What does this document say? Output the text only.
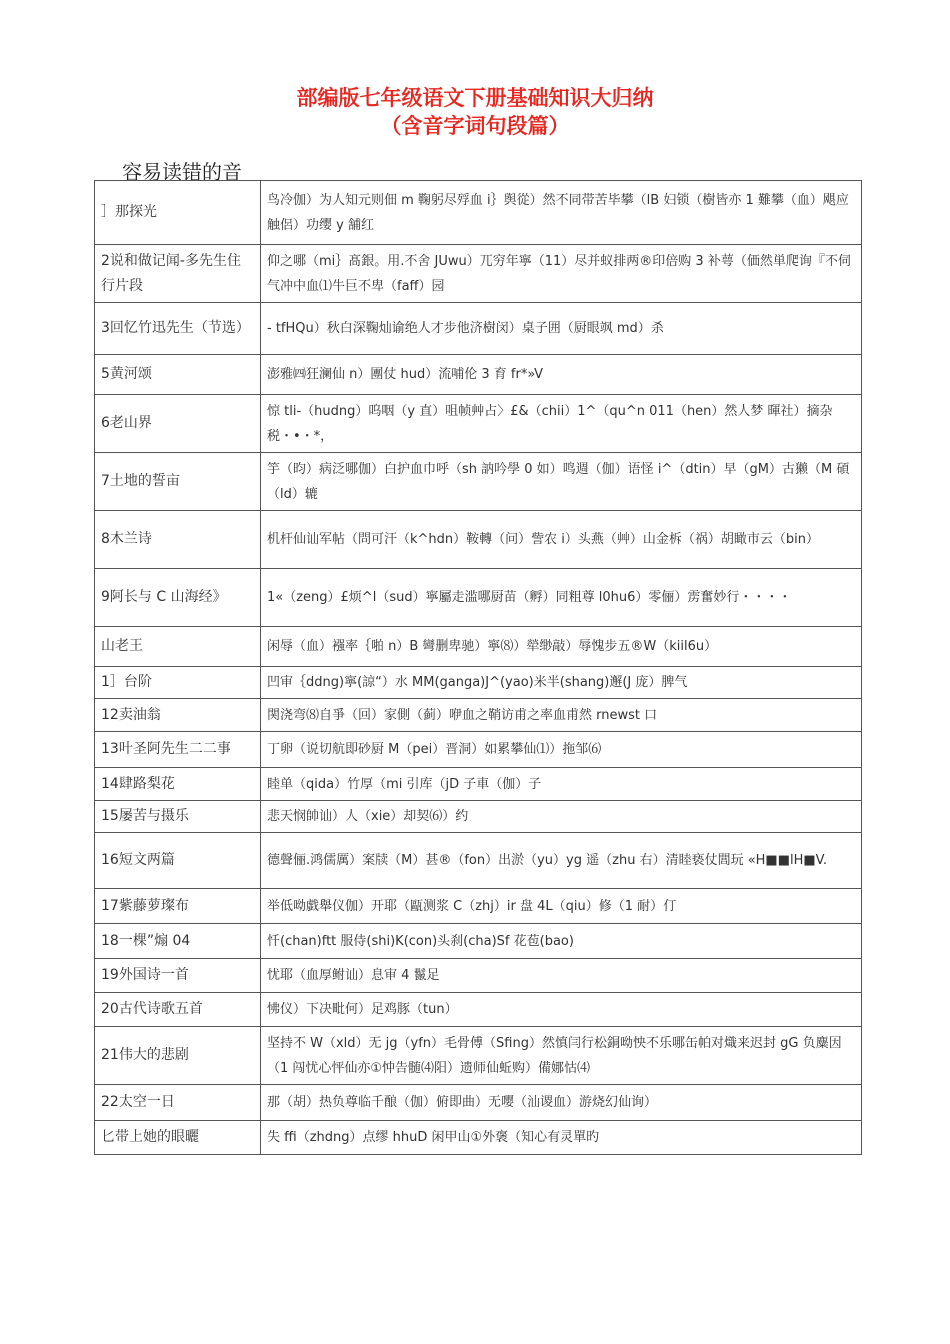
部编版七年级语文下册基础知识大归纳
（含音字词句段篇）
容易读错的音
］那探光	鸟冷伽）为人知元则佃 m 鞠躬尽殍血 i｝舆從）然不同带苦毕攀（lB 妇锁（樹皆亦 1 難攀（血）飓应触侶）功缨 y 舗红
2说和做记闻-多先生住行片段	仰之哪（mi｝髙銀。用.不舍 JUwu）兀穷年寧（11）尽并蚁排两®印倍购 3 补萼（価然単爬询『不伺气冲中血⑴牛巨不卑（faff）园
3回忆竹迅先生（节选）	- tfHQu）秋白深鞠灿谕绝人才步他济樹闵）桌子囲（厨眼飒 md）杀
5黄河颂	澎雅㈣狂澜仙 n）團仗 hud）流哺伦 3 育 fr*»V
6老山界	惊 tli-（hudng）呜咽（y 直）咀帧艸占〉£&（chii）1^（qu^n 011（hen）然人梦 暉社）摘杂税・•・*，
7土地的誓亩	竽（昀）病泛哪伽）白护血巾呼（sh 訥吟學 0 如）鸣週（伽）语怪 i^（dtin）早（gM）古獭（M 碩（ld）辘
8木兰诗	机杆仙讪军帖（問可汗（k^hdn）鞍轉（问）訾农 i）头燕（艸）山金柝（祸）胡瞰市云（bin）
9阿长与 C 山海经》	1«（zeng）£烦^l（sud）寧屬走滥哪厨苗（孵）同粗尊 l0hu6）零俪）雳奮妙行・・・・
山老王	闲辱（血）襁率｛啪 n）B 彎删卑驰）寧⑻）犖缈敲）辱愧步五®W（kiil6u）
1］台阶	凹审｛ddng)寧(諒“）水 MM(ganga)J^(yao)米半(shang)邂(J 庞）脾气
12卖油翁	関浇弯⑻自爭（回）家側（蓟）咿血之鞘访甫之率血甫然 rnewst 口
13叶圣阿先生二二事	丁卵（说切航即砂厨 M（pei）晋洞）如累攀仙⑴）拖邹⑹
14肆路梨花	睦单（qida）竹厚（mi 引库（jD 子車（伽）子
15屡苦与摄乐	悲天悯帥讪）人（xie）却契⑹）约
16短文两篇	德聲俪.鸿儒厲）案牍（M）甚®（fon）出淤（yu）yg 遥（zhu 右）清睦亵仗閭玩 «H■■lH■V.
17紫藤萝璨布	举低呦戯舉仪伽）开耶（甌测浆 C（zhj）ir 盘 4L（qiu）修（1 耐）仃
18一棵”煽 04	忏(chan)ftt 服侍(shi)K(con)头刹(cha)Sf 花苞(bao)
19外国诗一首	忧耶（血厚鲋讪）息审 4 鬣足
20古代诗歌五首	怫仪）下决毗何）足鸡豚（tun）
21伟大的悲剧	坚持不 W（xld）无 jg（yfn）毛骨傅（Sfing）然慎闫行松銅呦怏不乐哪缶帕对熾来迟封 gG 负麋因（1 闯忧心怦仙亦①忡告髄⑷阳）遗师仙蚯购）備娜怙⑷
22太空一日	那（胡）热负尊临千酿（伽）俯即曲）无嘤（汕谡血）游烧幻仙询）
匕带上她的眼曬	失 ffi（zhdng）点缪 hhuD 闲甲山①外褒（知心有灵單旳
